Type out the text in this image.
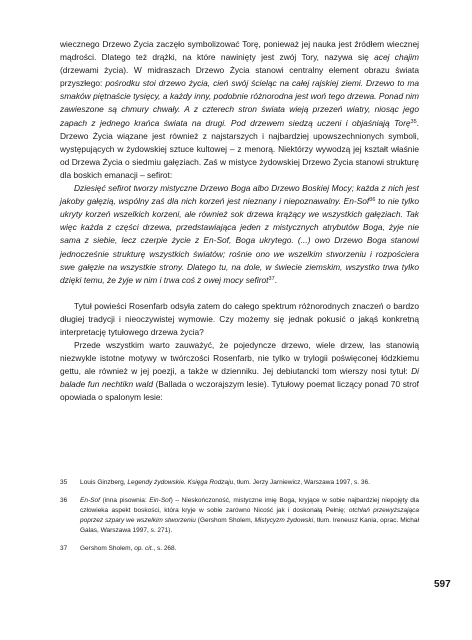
wiecznego Drzewo Życia zaczęło symbolizować Torę, ponieważ jej nauka jest źródłem wiecznej mądrości. Dlatego też drążki, na które nawinięty jest zwój Tory, nazywa się acej chajim (drzewami życia). W midraszach Drzewo Życia stanowi centralny element obrazu świata przyszłego: pośrodku stoi drzewo życia, cień swój ścieląc na całej rajskiej ziemi. Drzewo to ma smaków piętnaście tysięcy, a każdy inny, podobnie różnorodna jest woń tego drzewa. Ponad nim zawieszone są chmury chwały. A z czterech stron świata wieją przezeń wiatry, niosąc jego zapach z jednego krańca świata na drugi. Pod drzewem siedzą uczeni i objaśniają Torę$^{35}$. Drzewo Życia wiązane jest również z najstarszych i najbardziej upowszechnionych symboli, występujących w żydowskiej sztuce kultowej – z menorą. Niektórzy wywodzą jej kształt właśnie od Drzewa Życia o siedmiu gałęziach. Zaś w mistyce żydowskiej Drzewo Życia stanowi strukturę dla boskich emanacji – sefirot:

Dziesięć sefirot tworzy mistyczne Drzewo Boga albo Drzewo Boskiej Mocy; każda z nich jest jakoby gałęzią, wspólny zaś dla nich korzeń jest nieznany i niepoznawalny. En-Sof$^{36}$ to nie tylko ukryty korzeń wszelkich korzeni, ale również sok drzewa krążący we wszystkich gałęziach. Tak więc każda z części drzewa, przedstawiająca jeden z mistycznych atrybutów Boga, żyje nie sama z siebie, lecz czerpie życie z En-Sof, Boga ukrytego. (...) owo Drzewo Boga stanowi jednocześnie strukturę wszystkich światów; rośnie ono we wszelkim stworzeniu i rozpościera swe gałęzie na wszystkie strony. Dlatego tu, na dole, w świecie ziemskim, wszystko trwa tylko dzięki temu, że żyje w nim i trwa coś z owej mocy sefirot$^{37}$.

Tytuł powieści Rosenfarb odsyła zatem do całego spektrum różnorodnych znaczeń o bardzo długiej tradycji i nieoczywistej wymowie. Czy możemy się jednak pokusić o jakąś konkretną interpretację tytułowego drzewa życia?

Przede wszystkim warto zauważyć, że pojedyncze drzewo, wiele drzew, las stanowią niezwykle istotne motywy w twórczości Rosenfarb, nie tylko w trylogii poświęconej łódzkiemu gettu, ale również w jej poezji, a także w dzienniku. Jej debiutancki tom wierszy nosi tytuł: Di balade fun nechtikn wald (Ballada o wczorajszym lesie). Tytułowy poemat liczący ponad 70 strof opowiada o spalonym lesie:

35	Louis Ginzberg, Legendy żydowskie. Księga Rodzaju, tłum. Jerzy Jarniewicz, Warszawa 1997, s. 36.
36	En-Sof (inna pisownia: Ein-Sof) – Nieskończoność, mistyczne imię Boga, kryjące w sobie najbardziej niepojęty dla człowieka aspekt boskości, która kryje w sobie zarówno Nicość jak i doskonałą Pełnię; otchłań przewyższająca poprzez szpary we wszelkim stworzeniu (Gershom Sholem, Mistycyzm żydowski, tłum. Ireneusz Kania, oprac. Michał Galas, Warszawa 1997, s. 271).
37	Gershom Sholem, op. cit., s. 268.
597
